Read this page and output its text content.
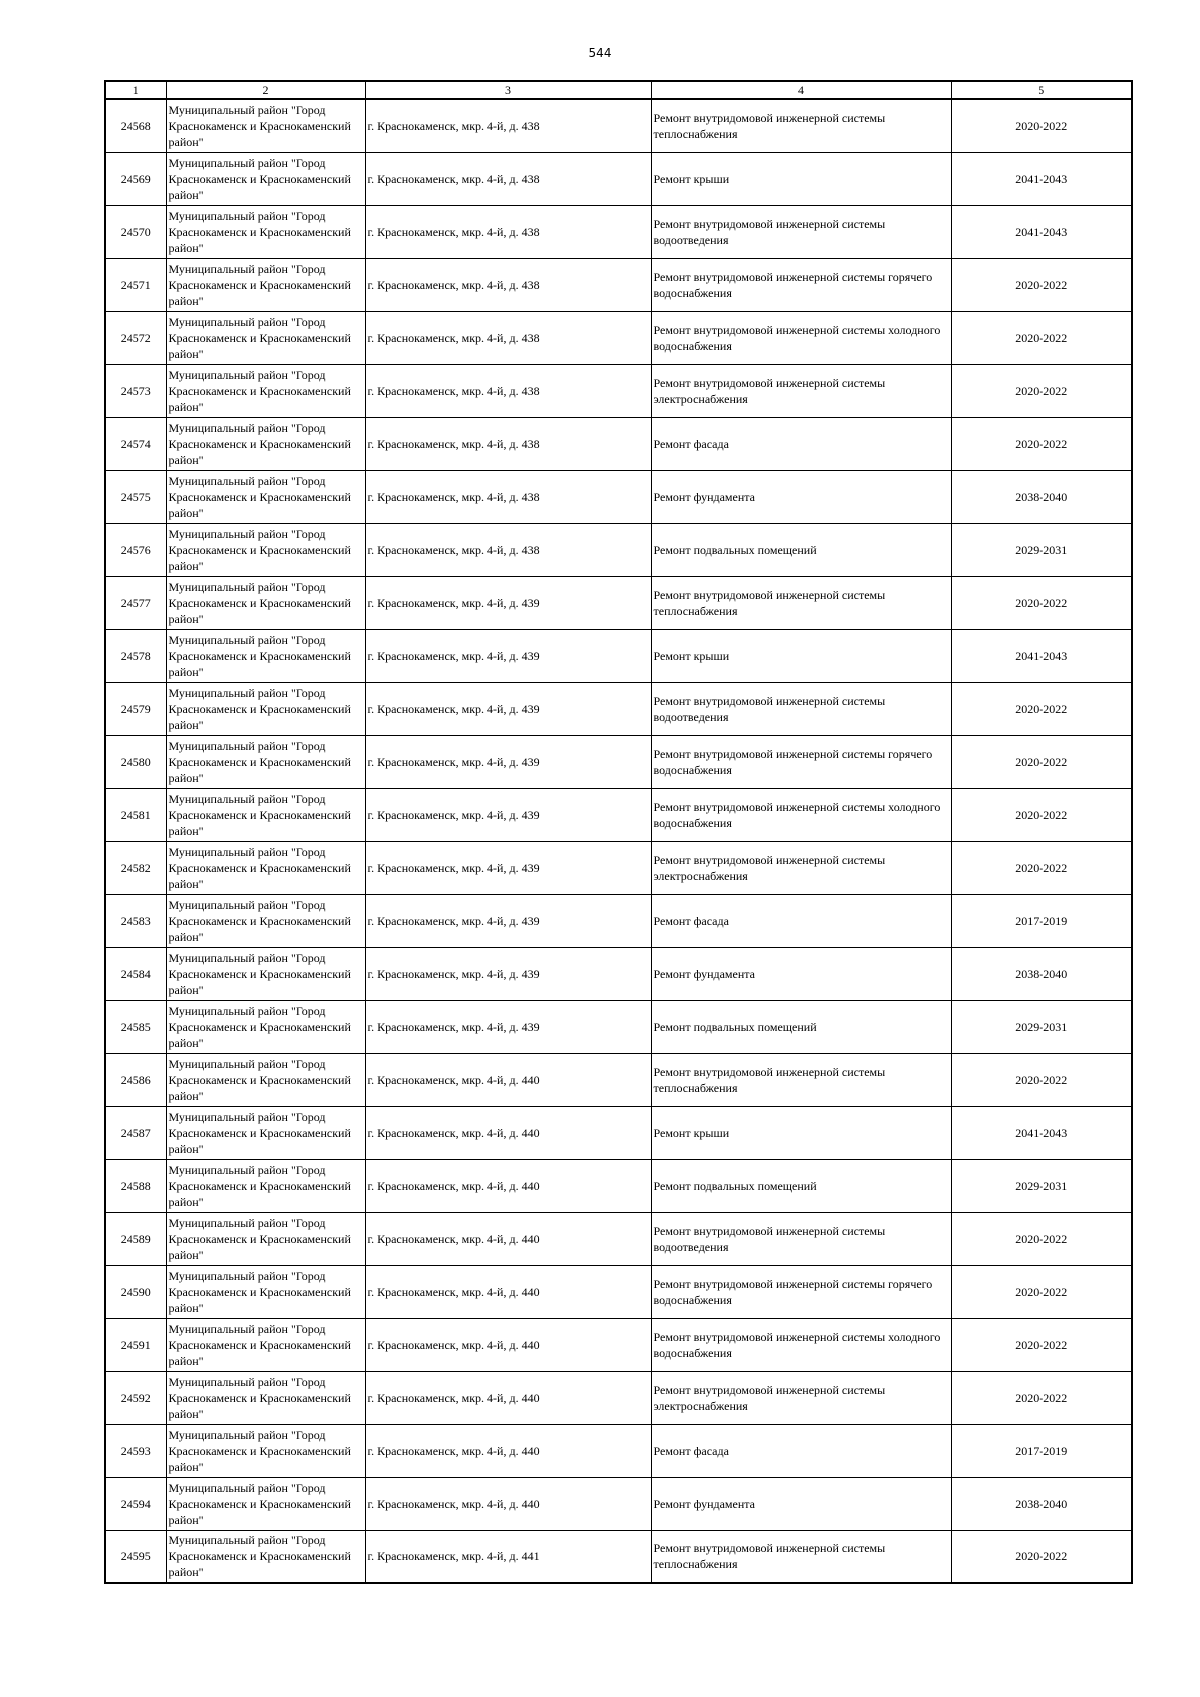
544
1	2	3	4	5
24568	Муниципальный район "Город Краснокаменск и Краснокаменский район"	г. Краснокаменск, мкр. 4-й, д. 438	Ремонт внутридомовой инженерной системы теплоснабжения	2020-2022
24569	Муниципальный район "Город Краснокаменск и Краснокаменский район"	г. Краснокаменск, мкр. 4-й, д. 438	Ремонт крыши	2041-2043
24570	Муниципальный район "Город Краснокаменск и Краснокаменский район"	г. Краснокаменск, мкр. 4-й, д. 438	Ремонт внутридомовой инженерной системы водоотведения	2041-2043
24571	Муниципальный район "Город Краснокаменск и Краснокаменский район"	г. Краснокаменск, мкр. 4-й, д. 438	Ремонт внутридомовой инженерной системы горячего водоснабжения	2020-2022
24572	Муниципальный район "Город Краснокаменск и Краснокаменский район"	г. Краснокаменск, мкр. 4-й, д. 438	Ремонт внутридомовой инженерной системы холодного водоснабжения	2020-2022
24573	Муниципальный район "Город Краснокаменск и Краснокаменский район"	г. Краснокаменск, мкр. 4-й, д. 438	Ремонт внутридомовой инженерной системы электроснабжения	2020-2022
24574	Муниципальный район "Город Краснокаменск и Краснокаменский район"	г. Краснокаменск, мкр. 4-й, д. 438	Ремонт фасада	2020-2022
24575	Муниципальный район "Город Краснокаменск и Краснокаменский район"	г. Краснокаменск, мкр. 4-й, д. 438	Ремонт фундамента	2038-2040
24576	Муниципальный район "Город Краснокаменск и Краснокаменский район"	г. Краснокаменск, мкр. 4-й, д. 438	Ремонт подвальных помещений	2029-2031
24577	Муниципальный район "Город Краснокаменск и Краснокаменский район"	г. Краснокаменск, мкр. 4-й, д. 439	Ремонт внутридомовой инженерной системы теплоснабжения	2020-2022
24578	Муниципальный район "Город Краснокаменск и Краснокаменский район"	г. Краснокаменск, мкр. 4-й, д. 439	Ремонт крыши	2041-2043
24579	Муниципальный район "Город Краснокаменск и Краснокаменский район"	г. Краснокаменск, мкр. 4-й, д. 439	Ремонт внутридомовой инженерной системы водоотведения	2020-2022
24580	Муниципальный район "Город Краснокаменск и Краснокаменский район"	г. Краснокаменск, мкр. 4-й, д. 439	Ремонт внутридомовой инженерной системы горячего водоснабжения	2020-2022
24581	Муниципальный район "Город Краснокаменск и Краснокаменский район"	г. Краснокаменск, мкр. 4-й, д. 439	Ремонт внутридомовой инженерной системы холодного водоснабжения	2020-2022
24582	Муниципальный район "Город Краснокаменск и Краснокаменский район"	г. Краснокаменск, мкр. 4-й, д. 439	Ремонт внутридомовой инженерной системы электроснабжения	2020-2022
24583	Муниципальный район "Город Краснокаменск и Краснокаменский район"	г. Краснокаменск, мкр. 4-й, д. 439	Ремонт фасада	2017-2019
24584	Муниципальный район "Город Краснокаменск и Краснокаменский район"	г. Краснокаменск, мкр. 4-й, д. 439	Ремонт фундамента	2038-2040
24585	Муниципальный район "Город Краснокаменск и Краснокаменский район"	г. Краснокаменск, мкр. 4-й, д. 439	Ремонт подвальных помещений	2029-2031
24586	Муниципальный район "Город Краснокаменск и Краснокаменский район"	г. Краснокаменск, мкр. 4-й, д. 440	Ремонт внутридомовой инженерной системы теплоснабжения	2020-2022
24587	Муниципальный район "Город Краснокаменск и Краснокаменский район"	г. Краснокаменск, мкр. 4-й, д. 440	Ремонт крыши	2041-2043
24588	Муниципальный район "Город Краснокаменск и Краснокаменский район"	г. Краснокаменск, мкр. 4-й, д. 440	Ремонт подвальных помещений	2029-2031
24589	Муниципальный район "Город Краснокаменск и Краснокаменский район"	г. Краснокаменск, мкр. 4-й, д. 440	Ремонт внутридомовой инженерной системы водоотведения	2020-2022
24590	Муниципальный район "Город Краснокаменск и Краснокаменский район"	г. Краснокаменск, мкр. 4-й, д. 440	Ремонт внутридомовой инженерной системы горячего водоснабжения	2020-2022
24591	Муниципальный район "Город Краснокаменск и Краснокаменский район"	г. Краснокаменск, мкр. 4-й, д. 440	Ремонт внутридомовой инженерной системы холодного водоснабжения	2020-2022
24592	Муниципальный район "Город Краснокаменск и Краснокаменский район"	г. Краснокаменск, мкр. 4-й, д. 440	Ремонт внутридомовой инженерной системы электроснабжения	2020-2022
24593	Муниципальный район "Город Краснокаменск и Краснокаменский район"	г. Краснокаменск, мкр. 4-й, д. 440	Ремонт фасада	2017-2019
24594	Муниципальный район "Город Краснокаменск и Краснокаменский район"	г. Краснокаменск, мкр. 4-й, д. 440	Ремонт фундамента	2038-2040
24595	Муниципальный район "Город Краснокаменск и Краснокаменский район"	г. Краснокаменск, мкр. 4-й, д. 441	Ремонт внутридомовой инженерной системы теплоснабжения	2020-2022
